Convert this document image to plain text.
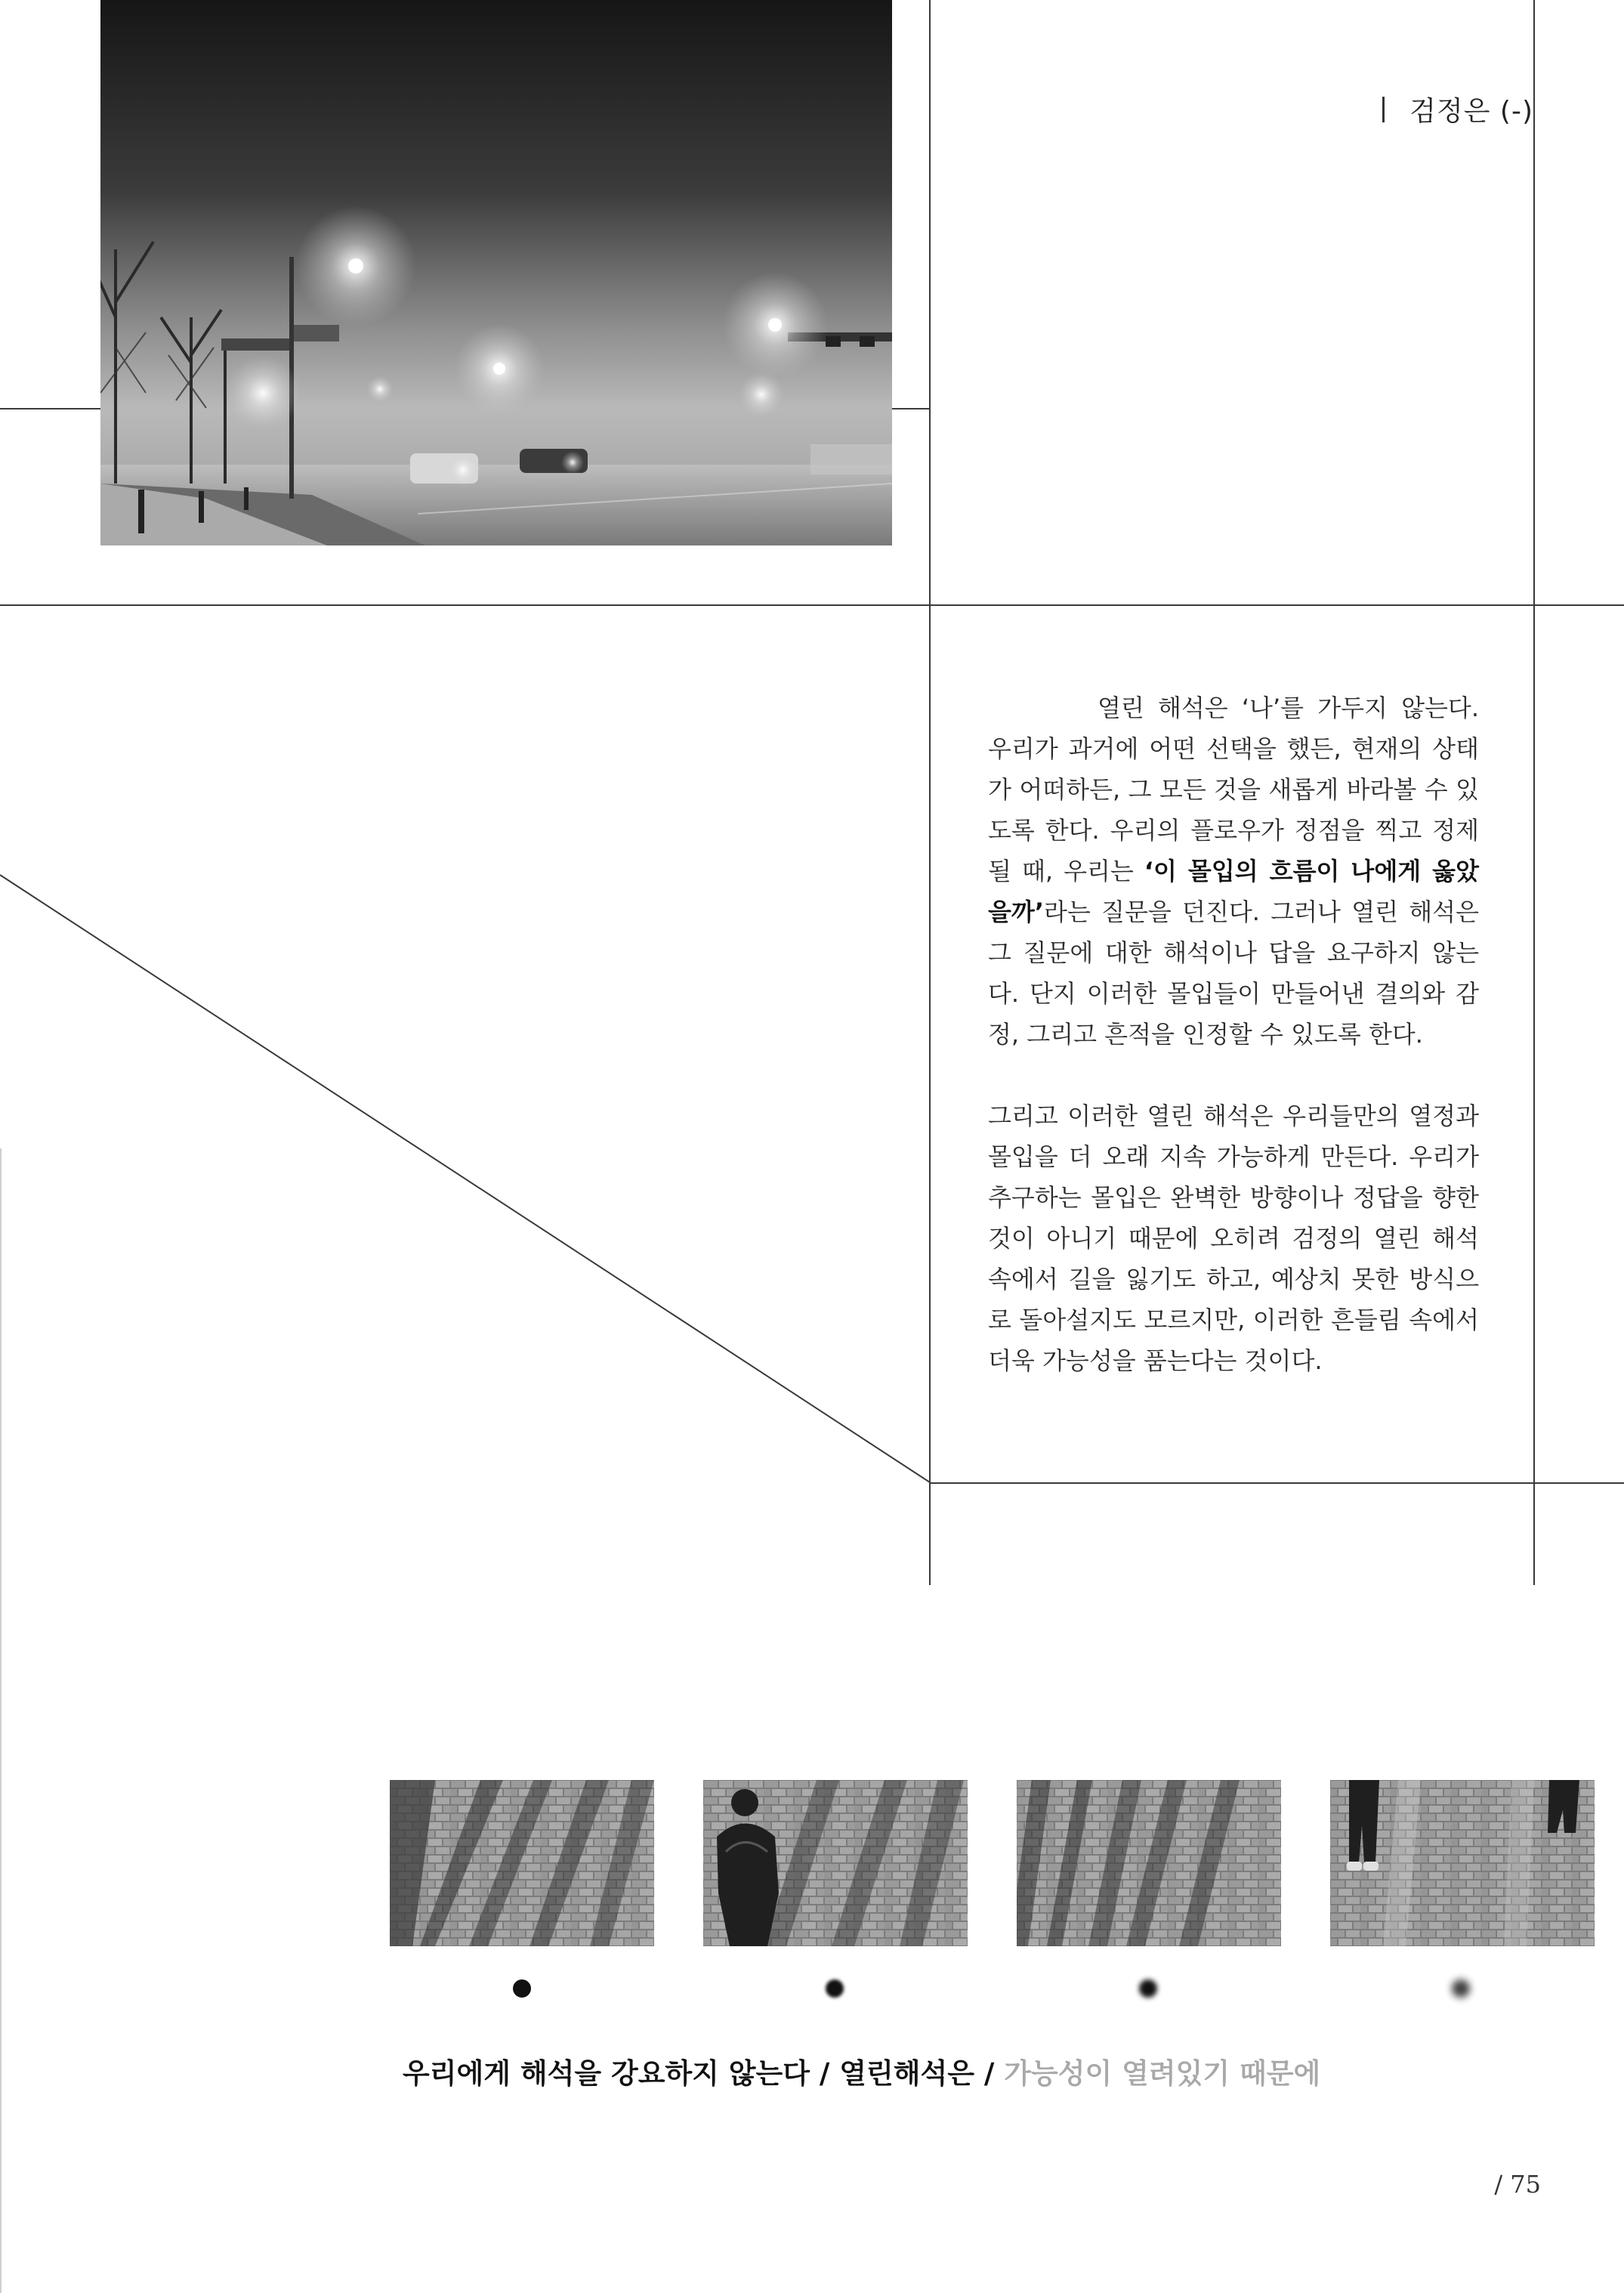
검정은 (-)

열린 해석은 ‘나’를 가두지 않는다. 우리가 과거에 어떤 선택을 했든, 현재의 상태가 어떠하든, 그 모든 것을 새롭게 바라볼 수 있도록 한다. 우리의 플로우가 정점을 찍고 정제될 때, 우리는 ‘이 몰입의 흐름이 나에게 옳았을까’라는 질문을 던진다. 그러나 열린 해석은 그 질문에 대한 해석이나 답을 요구하지 않는다. 단지 이러한 몰입들이 만들어낸 결의와 감정, 그리고 흔적을 인정할 수 있도록 한다.

그리고 이러한 열린 해석은 우리들만의 열정과 몰입을 더 오래 지속 가능하게 만든다. 우리가 추구하는 몰입은 완벽한 방향이나 정답을 향한 것이 아니기 때문에 오히려 검정의 열린 해석 속에서 길을 잃기도 하고, 예상치 못한 방식으로 돌아설지도 모르지만, 이러한 흔들림 속에서 더욱 가능성을 품는다는 것이다.

우리에게 해석을 강요하지 않는다 / 열린해석은 / 가능성이 열려있기 때문에
/ 75
